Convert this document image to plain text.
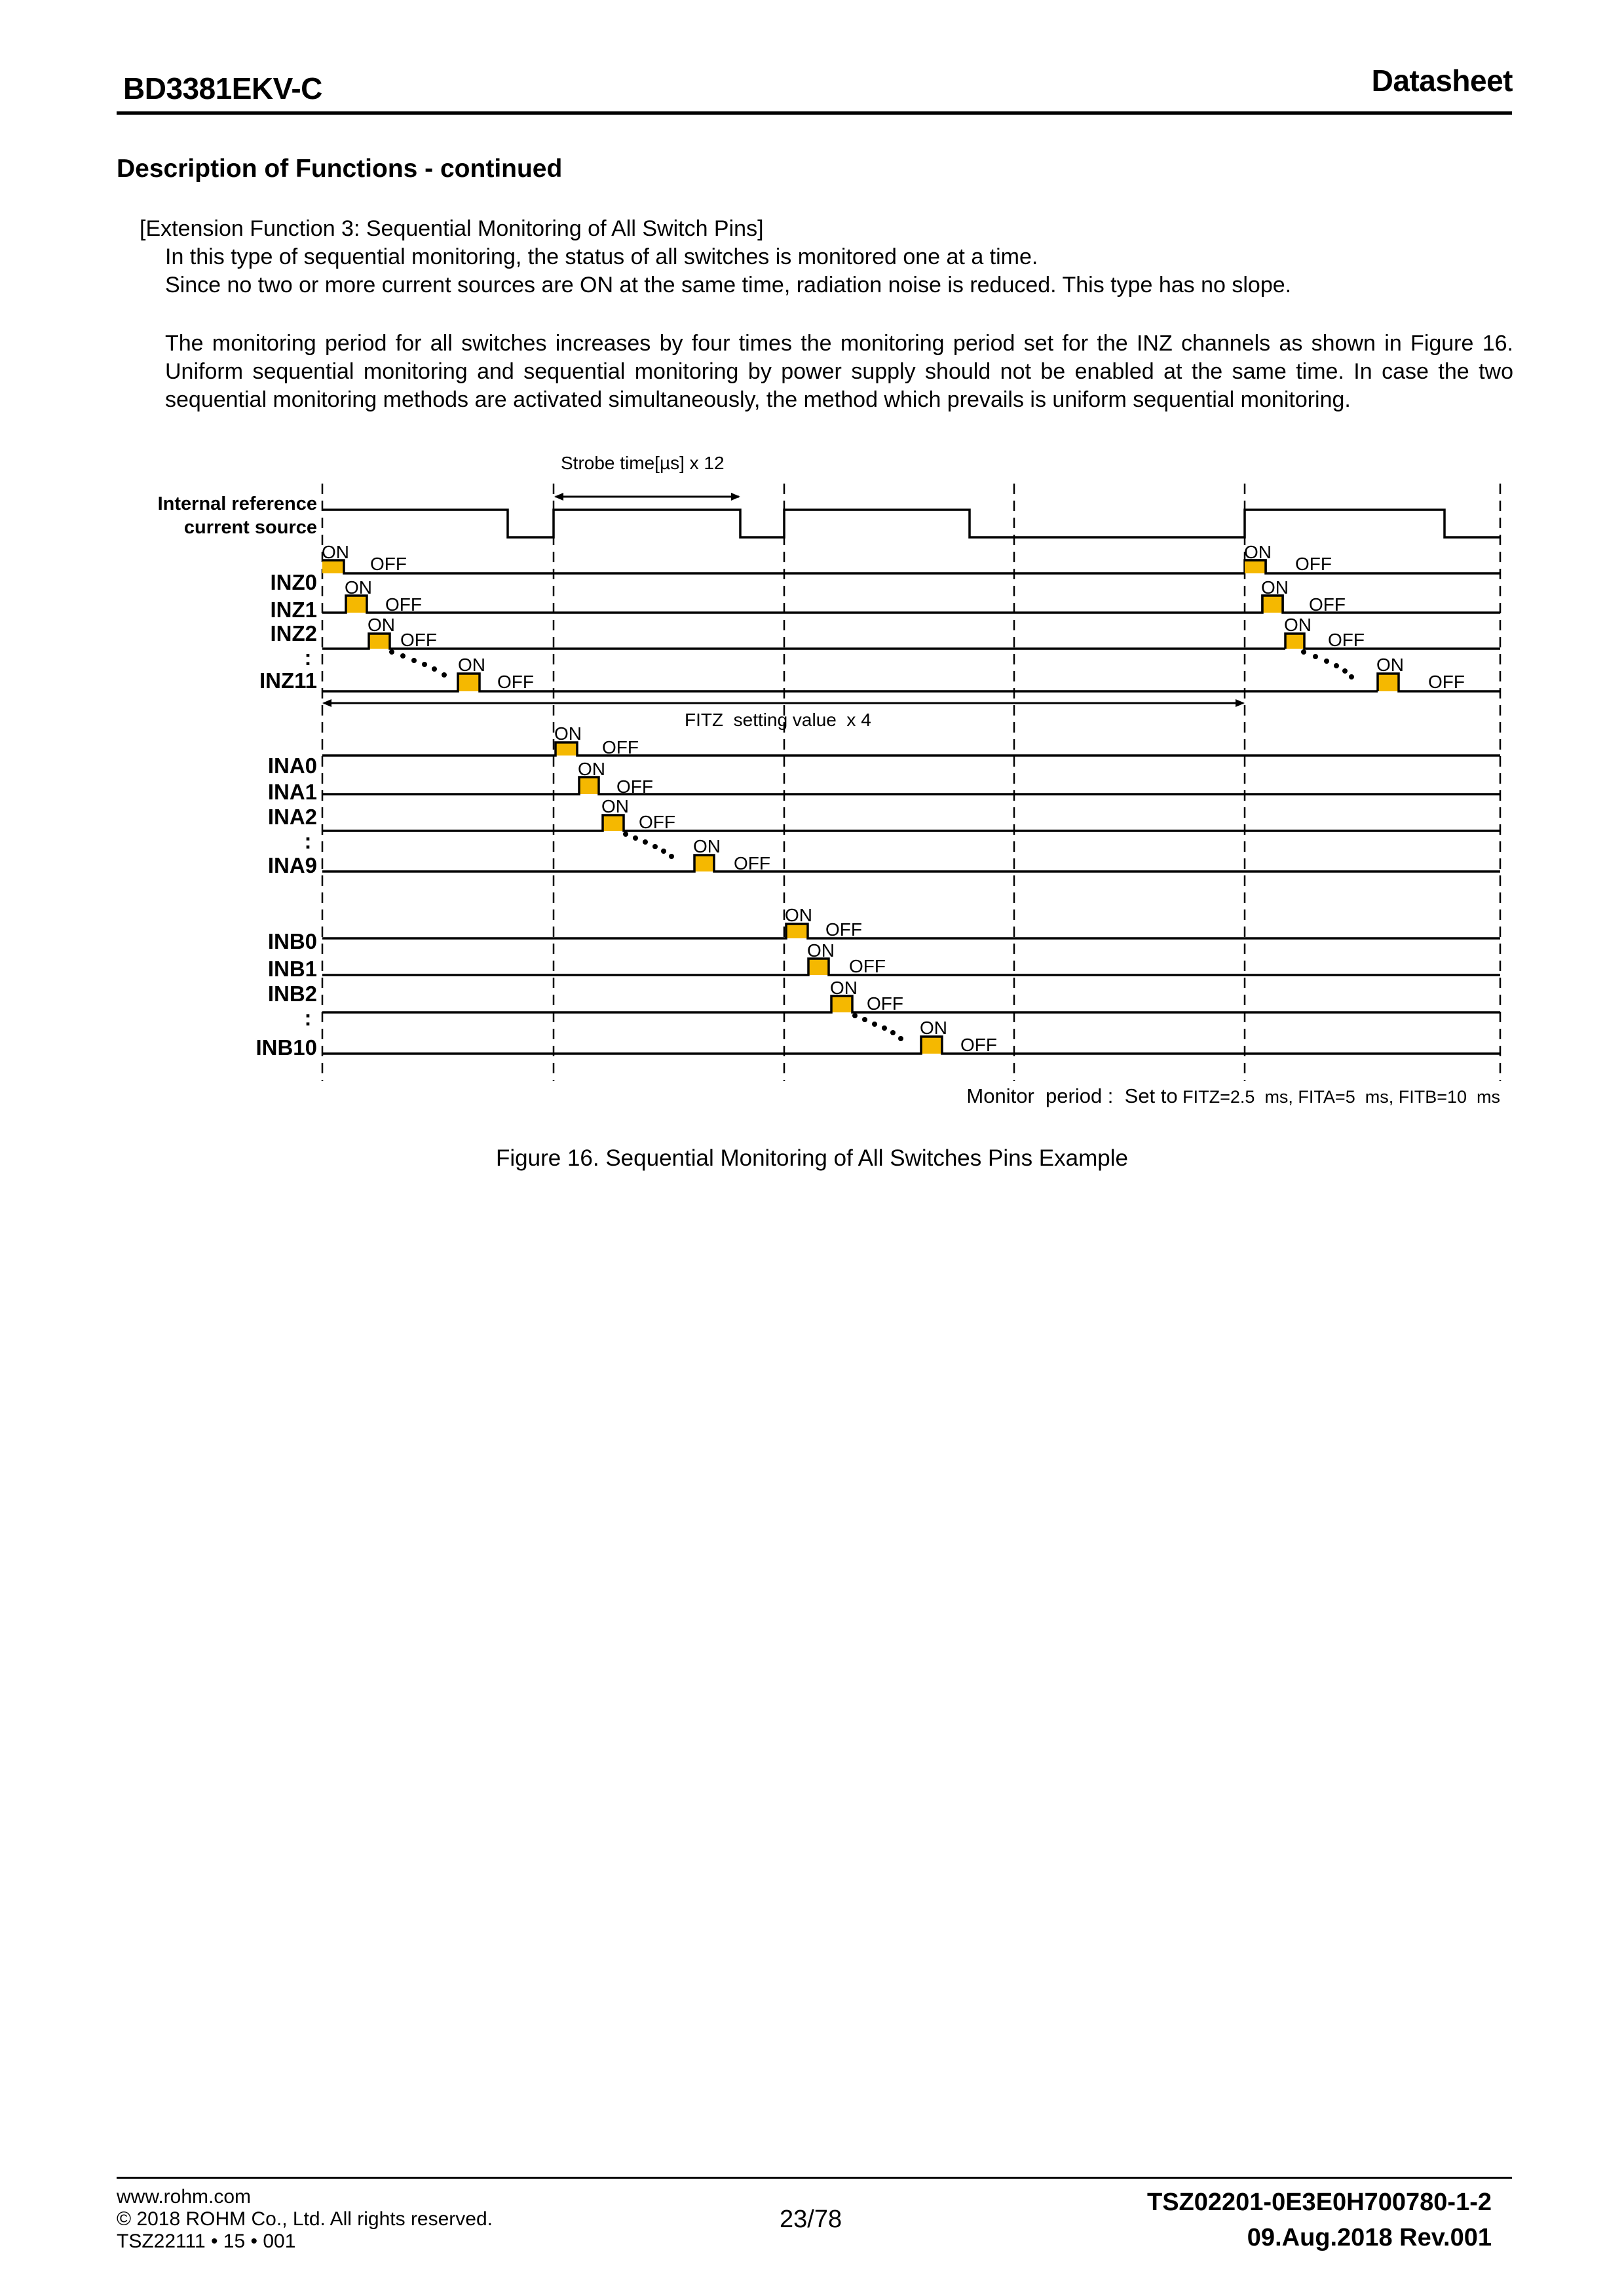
BD3381EKV-C	Datasheet
Description of Functions - continued
[Extension Function 3: Sequential Monitoring of All Switch Pins]
In this type of sequential monitoring, the status of all switches is monitored one at a time.
Since no two or more current sources are ON at the same time, radiation noise is reduced. This type has no slope.
The monitoring period for all switches increases by four times the monitoring period set for the INZ channels as shown in Figure 16. Uniform sequential monitoring and sequential monitoring by power supply should not be enabled at the same time. In case the two sequential monitoring methods are activated simultaneously, the method which prevails is uniform sequential monitoring.
Strobe time[µs] x 12
Internal reference
current source
INZ0
ON
OFF
ON
OFF
INZ1
ON
OFF
ON
OFF
INZ2	ON
OFF
ON
OFF
:
INZ11
ON
OFF
ON
OFF
FITZ  setting value  x 4
INA0
ON
OFF
INA1
ON
OFF
INA2	ON
OFF
:
INA9
ON
OFF
INB0
ON
OFF
INB1
ON
OFF
INB2	ON
OFF
:
INB10
ON
OFF
Monitor  period :  Set to FITZ=2.5  ms, FITA=5  ms, FITB=10  ms
Figure 16. Sequential Monitoring of All Switches Pins Example
www.rohm.com
© 2018 ROHM Co., Ltd. All rights reserved.
TSZ22111 • 15 • 001
23/78
TSZ02201-0E3E0H700780-1-2
09.Aug.2018 Rev.001
